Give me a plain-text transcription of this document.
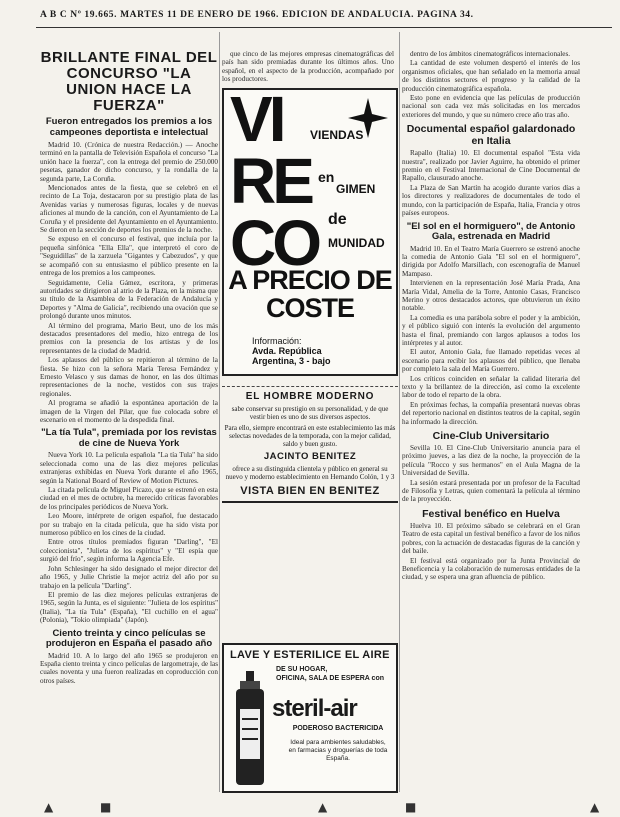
A B C Nº 19.665. MARTES 11 DE ENERO DE 1966. EDICION DE ANDALUCIA. PAGINA 34.
BRILLANTE FINAL DEL CONCURSO "LA UNION HACE LA FUERZA"
Fueron entregados los premios a los campeones deportista e intelectual

Madrid 10. (Crónica de nuestra Redacción.) — Anoche terminó en la pantalla de Televisión Española el concurso "La unión hace la fuerza", con la entrega del premio de 250.000 pesetas, ganador de dicho concurso, y la rondalla de la segunda parte, La Coruña.

Mencionados antes de la fiesta, que se celebró en el recinto de La Toja, destacaron por su prestigio plata de las Avenidas varias y numerosas figuras, locales y de nuevas aficiones al mundo de la canción, con el Ayuntamiento de La Coruña y el presidente del Ayuntamiento en el Ayuntamiento. Se dieron en la sección de deportes los premios de la noche.

Se expuso en el concurso el festival, que incluía por la pequeña sinfónica "Ella Ella", que interpretó el coro de "Seguidillas" de la zarzuela "Gigantes y Cabezudos", y que se acompañó con su entusiasmo el público presente en la entrega de los premios a los campeones.

Seguidamente, Celia Gámez, escritora, y primeras autoridades se dirigieron al atrio de la Plaza, en la misma que su título de la Asamblea de la Federación de Andalucía y Deportes y "Alma de Galicia", recibiendo una ovación que se prolongó durante unos minutos.

Al término del programa, Mario Beut, uno de los más destacados presentadores del medio, hizo entrega de los premios con la presencia de los artistas y de los representantes de la ciudad de Madrid.

Los aplausos del público se repitieron al término de la fiesta. Se hizo con la señora María Teresa Fernández y Ernesto Velasco y sus damas de honor, en las dos últimas representaciones de la noche, vestidos con sus trajes regionales.

Al programa se añadió la espontánea aportación de la imagen de la Virgen del Pilar, que fue colocada sobre el escenario en el momento de la despedida final.

"La tía Tula", premiada por los revistas de cine de Nueva York

Nueva York 10. La película española "La tía Tula" ha sido seleccionada como una de las diez mejores películas extranjeras exhibidas en Nueva York durante el año 1965, según la National Board of Review of Motion Pictures.

La citada película de Miguel Picazo, que se estrenó en esta ciudad en el mes de octubre, ha merecido críticas favorables de los principales periódicos de Nueva York.

Leo Moore, intérprete de origen español, fue destacado por su trabajo en la citada película, que ha sido vista por numeroso público en los cines de la ciudad.

Entre otros títulos premiados figuran "Darling", "El coleccionista", "Julieta de los espíritus" y "El espía que surgió del frío", según informa la Agencia Efe.

John Schlesinger ha sido designado el mejor director del año 1965, y Julie Christie la mejor actriz del año por su trabajo en la película "Darling".

El premio de las diez mejores películas extranjeras de 1965, según la Junta, es el siguiente: "Julieta de los espíritus" (Italia), "La tía Tula" (España), "El cuchillo en el agua" (Polonia), "Tokio olimpiada" (Japón).

Ciento treinta y cinco películas se produjeron en España el pasado año

Madrid 10. A lo largo del año 1965 se produjeron en España ciento treinta y cinco películas de largometraje, de las cuales noventa y una fueron realizadas en coproducción con otros países.

que cinco de las mejores empresas cinematográficas del país han sido premiadas durante los últimos años. Uno español, en el aspecto de la producción, acompañado por los productores.

VI VIENDAS
RE en
GIMEN
CO de
MUNIDAD
A PRECIO DE COSTE
Información:
Avda. República
Argentina, 3 - bajo
EL HOMBRE MODERNO
sabe conservar su prestigio en su personalidad, y de que vestir bien es uno de sus diversos aspectos.
Para ello, siempre encontrará en este establecimiento las más selectas novedades de la temporada, con la mejor calidad, saldo y buen gusto.
JACINTO BENITEZ
ofrece a su distinguida clientela y público en general su nuevo y moderno establecimiento en Hernando Colón, 1 y 3
VISTA BIEN EN BENITEZ
LAVE Y ESTERILICE EL AIRE
DE SU HOGAR,
OFICINA, SALA DE ESPERA con
steril-air
PODEROSO BACTERICIDA
Ideal para ambientes saludables, en farmacias y droguerías de toda España.

dentro de los ámbitos cinematográficos internacionales.

La cantidad de este volumen despertó el interés de los organismos oficiales, que han señalado en la memoria anual de los distintos sectores el progreso y la calidad de la producción cinematográfica española.

Esto pone en evidencia que las películas de producción nacional son cada vez más solicitadas en los mercados exteriores del mundo, y que su número crece año tras año.

Documental español galardonado en Italia

Rapallo (Italia) 10. El documental español "Esta vida nuestra", realizado por Javier Aguirre, ha obtenido el primer premio en el Festival Internacional de Cine Documental de Rapallo, clausurado anoche.

La Plaza de San Martín ha acogido durante varios días a los directores y realizadores de documentales de todo el mundo, con la participación de España, Italia, Francia y otros países europeos.

"El sol en el hormiguero", de Antonio Gala, estrenada en Madrid

Madrid 10. En el Teatro María Guerrero se estrenó anoche la comedia de Antonio Gala "El sol en el hormiguero", dirigida por Adolfo Marsillach, con escenografía de Manuel Mampaso.

Intervienen en la representación José María Prada, Ana María Vidal, Amelia de la Torre, Antonio Casas, Francisco Merino y otros destacados actores, que obtuvieron un éxito notable.

La comedia es una parábola sobre el poder y la ambición, y el público siguió con interés la evolución del argumento hasta el final, premiando con largos aplausos a todos los intérpretes y al autor.

El autor, Antonio Gala, fue llamado repetidas veces al escenario para recibir los aplausos del público, que llenaba por completo la sala del María Guerrero.

Los críticos coinciden en señalar la calidad literaria del texto y la brillantez de la dirección, así como la excelente labor de todo el reparto de la obra.

En próximas fechas, la compañía presentará nuevas obras del repertorio nacional en distintos teatros de la capital, según ha informado la dirección.

Cine-Club Universitario

Sevilla 10. El Cine-Club Universitario anuncia para el próximo jueves, a las diez de la noche, la proyección de la película "Rocco y sus hermanos" en el Aula Magna de la Universidad de Sevilla.

La sesión estará presentada por un profesor de la Facultad de Filosofía y Letras, quien comentará la película al término de la proyección.

Festival benéfico en Huelva

Huelva 10. El próximo sábado se celebrará en el Gran Teatro de esta capital un festival benéfico a favor de los niños pobres, con la actuación de destacadas figuras de la canción y del baile.

El festival está organizado por la Junta Provincial de Beneficencia y la colaboración de numerosas entidades de la ciudad, y se espera una gran afluencia de público.

▲	■	▲	■	▲
